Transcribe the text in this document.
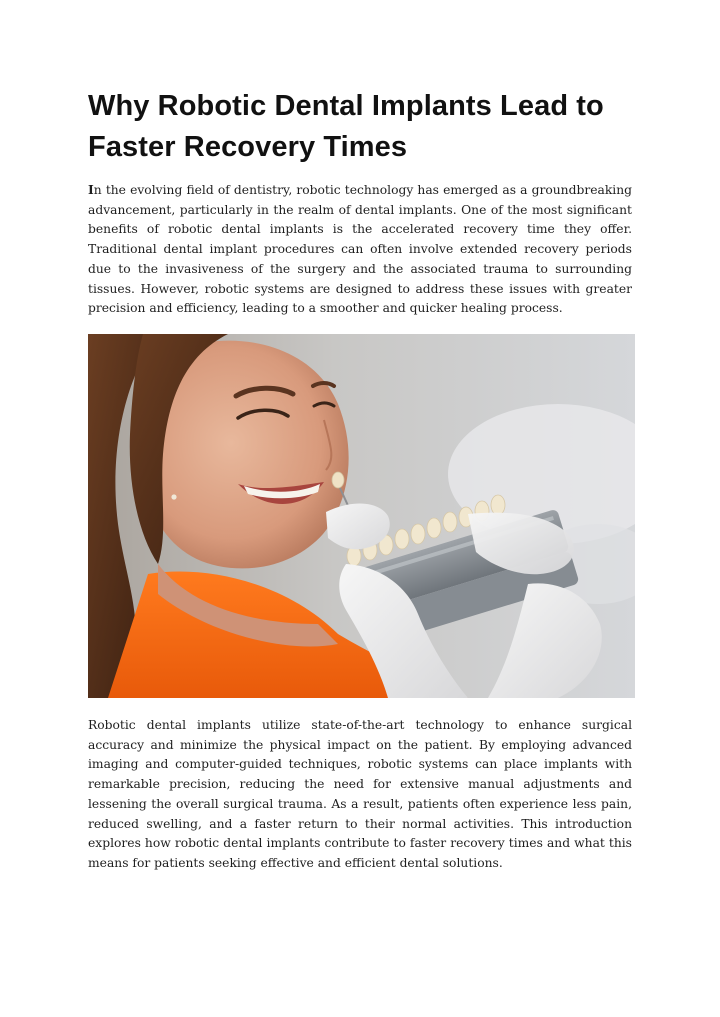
Why Robotic Dental Implants Lead to Faster Recovery Times

In the evolving field of dentistry, robotic technology has emerged as a groundbreaking advancement, particularly in the realm of dental implants. One of the most significant benefits of robotic dental implants is the accelerated recovery time they offer. Traditional dental implant procedures can often involve extended recovery periods due to the invasiveness of the surgery and the associated trauma to surrounding tissues. However, robotic systems are designed to address these issues with greater precision and efficiency, leading to a smoother and quicker healing process.

Robotic dental implants utilize state-of-the-art technology to enhance surgical accuracy and minimize the physical impact on the patient. By employing advanced imaging and computer-guided techniques, robotic systems can place implants with remarkable precision, reducing the need for extensive manual adjustments and lessening the overall surgical trauma. As a result, patients often experience less pain, reduced swelling, and a faster return to their normal activities. This introduction explores how robotic dental implants contribute to faster recovery times and what this means for patients seeking effective and efficient dental solutions.
